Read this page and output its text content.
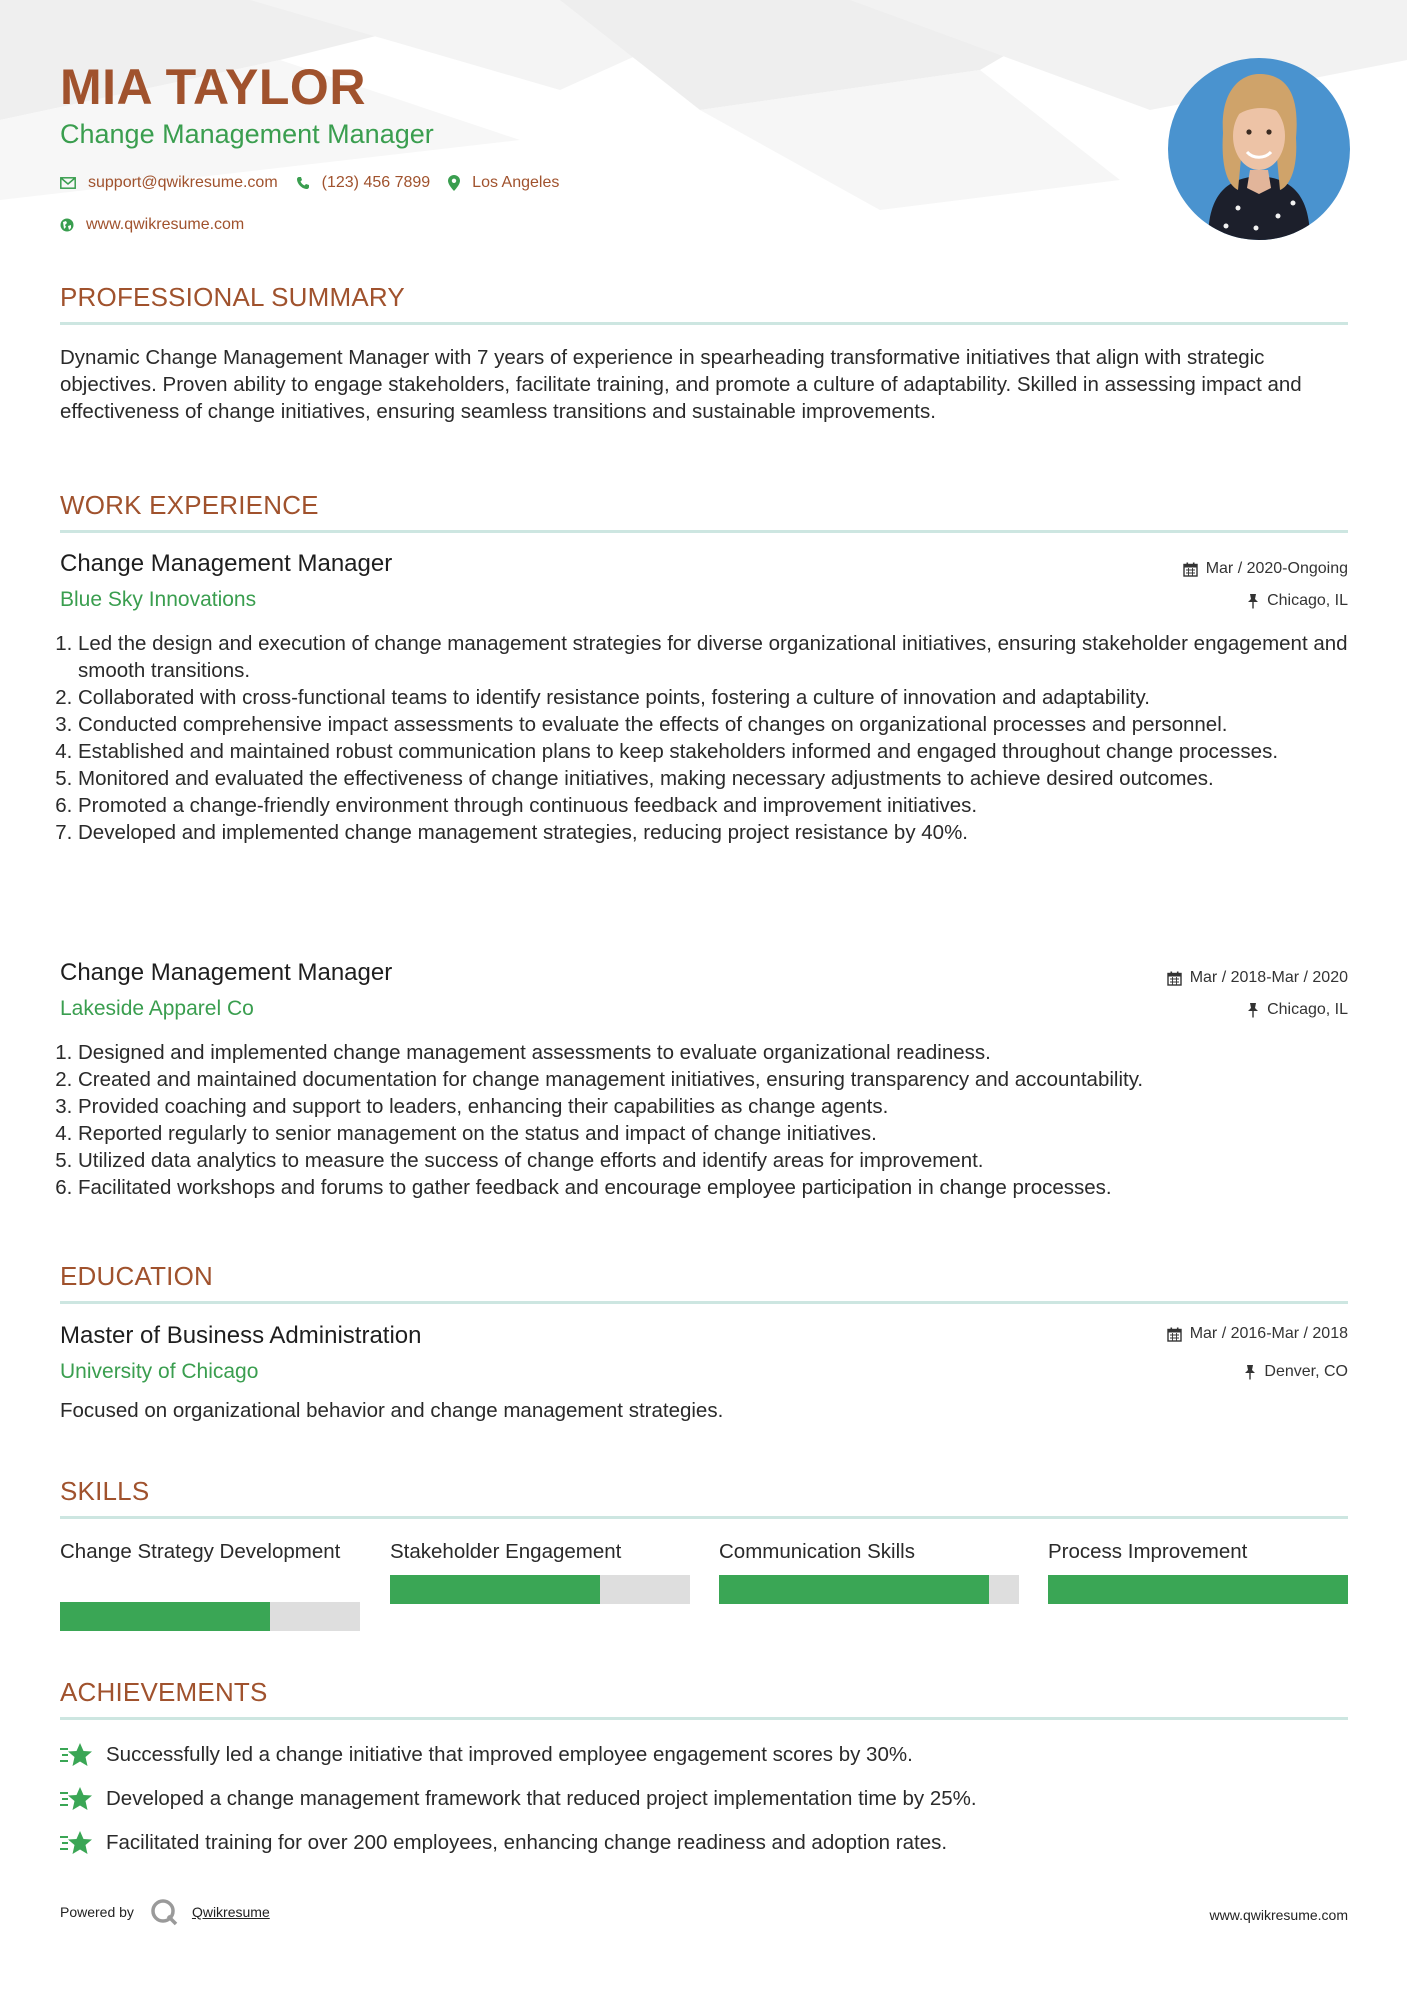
MIA TAYLOR
Change Management Manager
support@qwikresume.com	(123) 456 7899	Los Angeles
www.qwikresume.com
PROFESSIONAL SUMMARY
Dynamic Change Management Manager with 7 years of experience in spearheading transformative initiatives that align with strategic objectives. Proven ability to engage stakeholders, facilitate training, and promote a culture of adaptability. Skilled in assessing impact and effectiveness of change initiatives, ensuring seamless transitions and sustainable improvements.
WORK EXPERIENCE
Change Management Manager	Mar / 2020-Ongoing
Blue Sky Innovations	Chicago, IL
1. Led the design and execution of change management strategies for diverse organizational initiatives, ensuring stakeholder engagement and smooth transitions.
2. Collaborated with cross-functional teams to identify resistance points, fostering a culture of innovation and adaptability.
3. Conducted comprehensive impact assessments to evaluate the effects of changes on organizational processes and personnel.
4. Established and maintained robust communication plans to keep stakeholders informed and engaged throughout change processes.
5. Monitored and evaluated the effectiveness of change initiatives, making necessary adjustments to achieve desired outcomes.
6. Promoted a change-friendly environment through continuous feedback and improvement initiatives.
7. Developed and implemented change management strategies, reducing project resistance by 40%.
Change Management Manager	Mar / 2018-Mar / 2020
Lakeside Apparel Co	Chicago, IL
1. Designed and implemented change management assessments to evaluate organizational readiness.
2. Created and maintained documentation for change management initiatives, ensuring transparency and accountability.
3. Provided coaching and support to leaders, enhancing their capabilities as change agents.
4. Reported regularly to senior management on the status and impact of change initiatives.
5. Utilized data analytics to measure the success of change efforts and identify areas for improvement.
6. Facilitated workshops and forums to gather feedback and encourage employee participation in change processes.
EDUCATION
Master of Business Administration	Mar / 2016-Mar / 2018
University of Chicago	Denver, CO
Focused on organizational behavior and change management strategies.
SKILLS
Change Strategy Development	Stakeholder Engagement	Communication Skills	Process Improvement
ACHIEVEMENTS
Successfully led a change initiative that improved employee engagement scores by 30%.
Developed a change management framework that reduced project implementation time by 25%.
Facilitated training for over 200 employees, enhancing change readiness and adoption rates.
Powered by	Qwikresume	www.qwikresume.com
